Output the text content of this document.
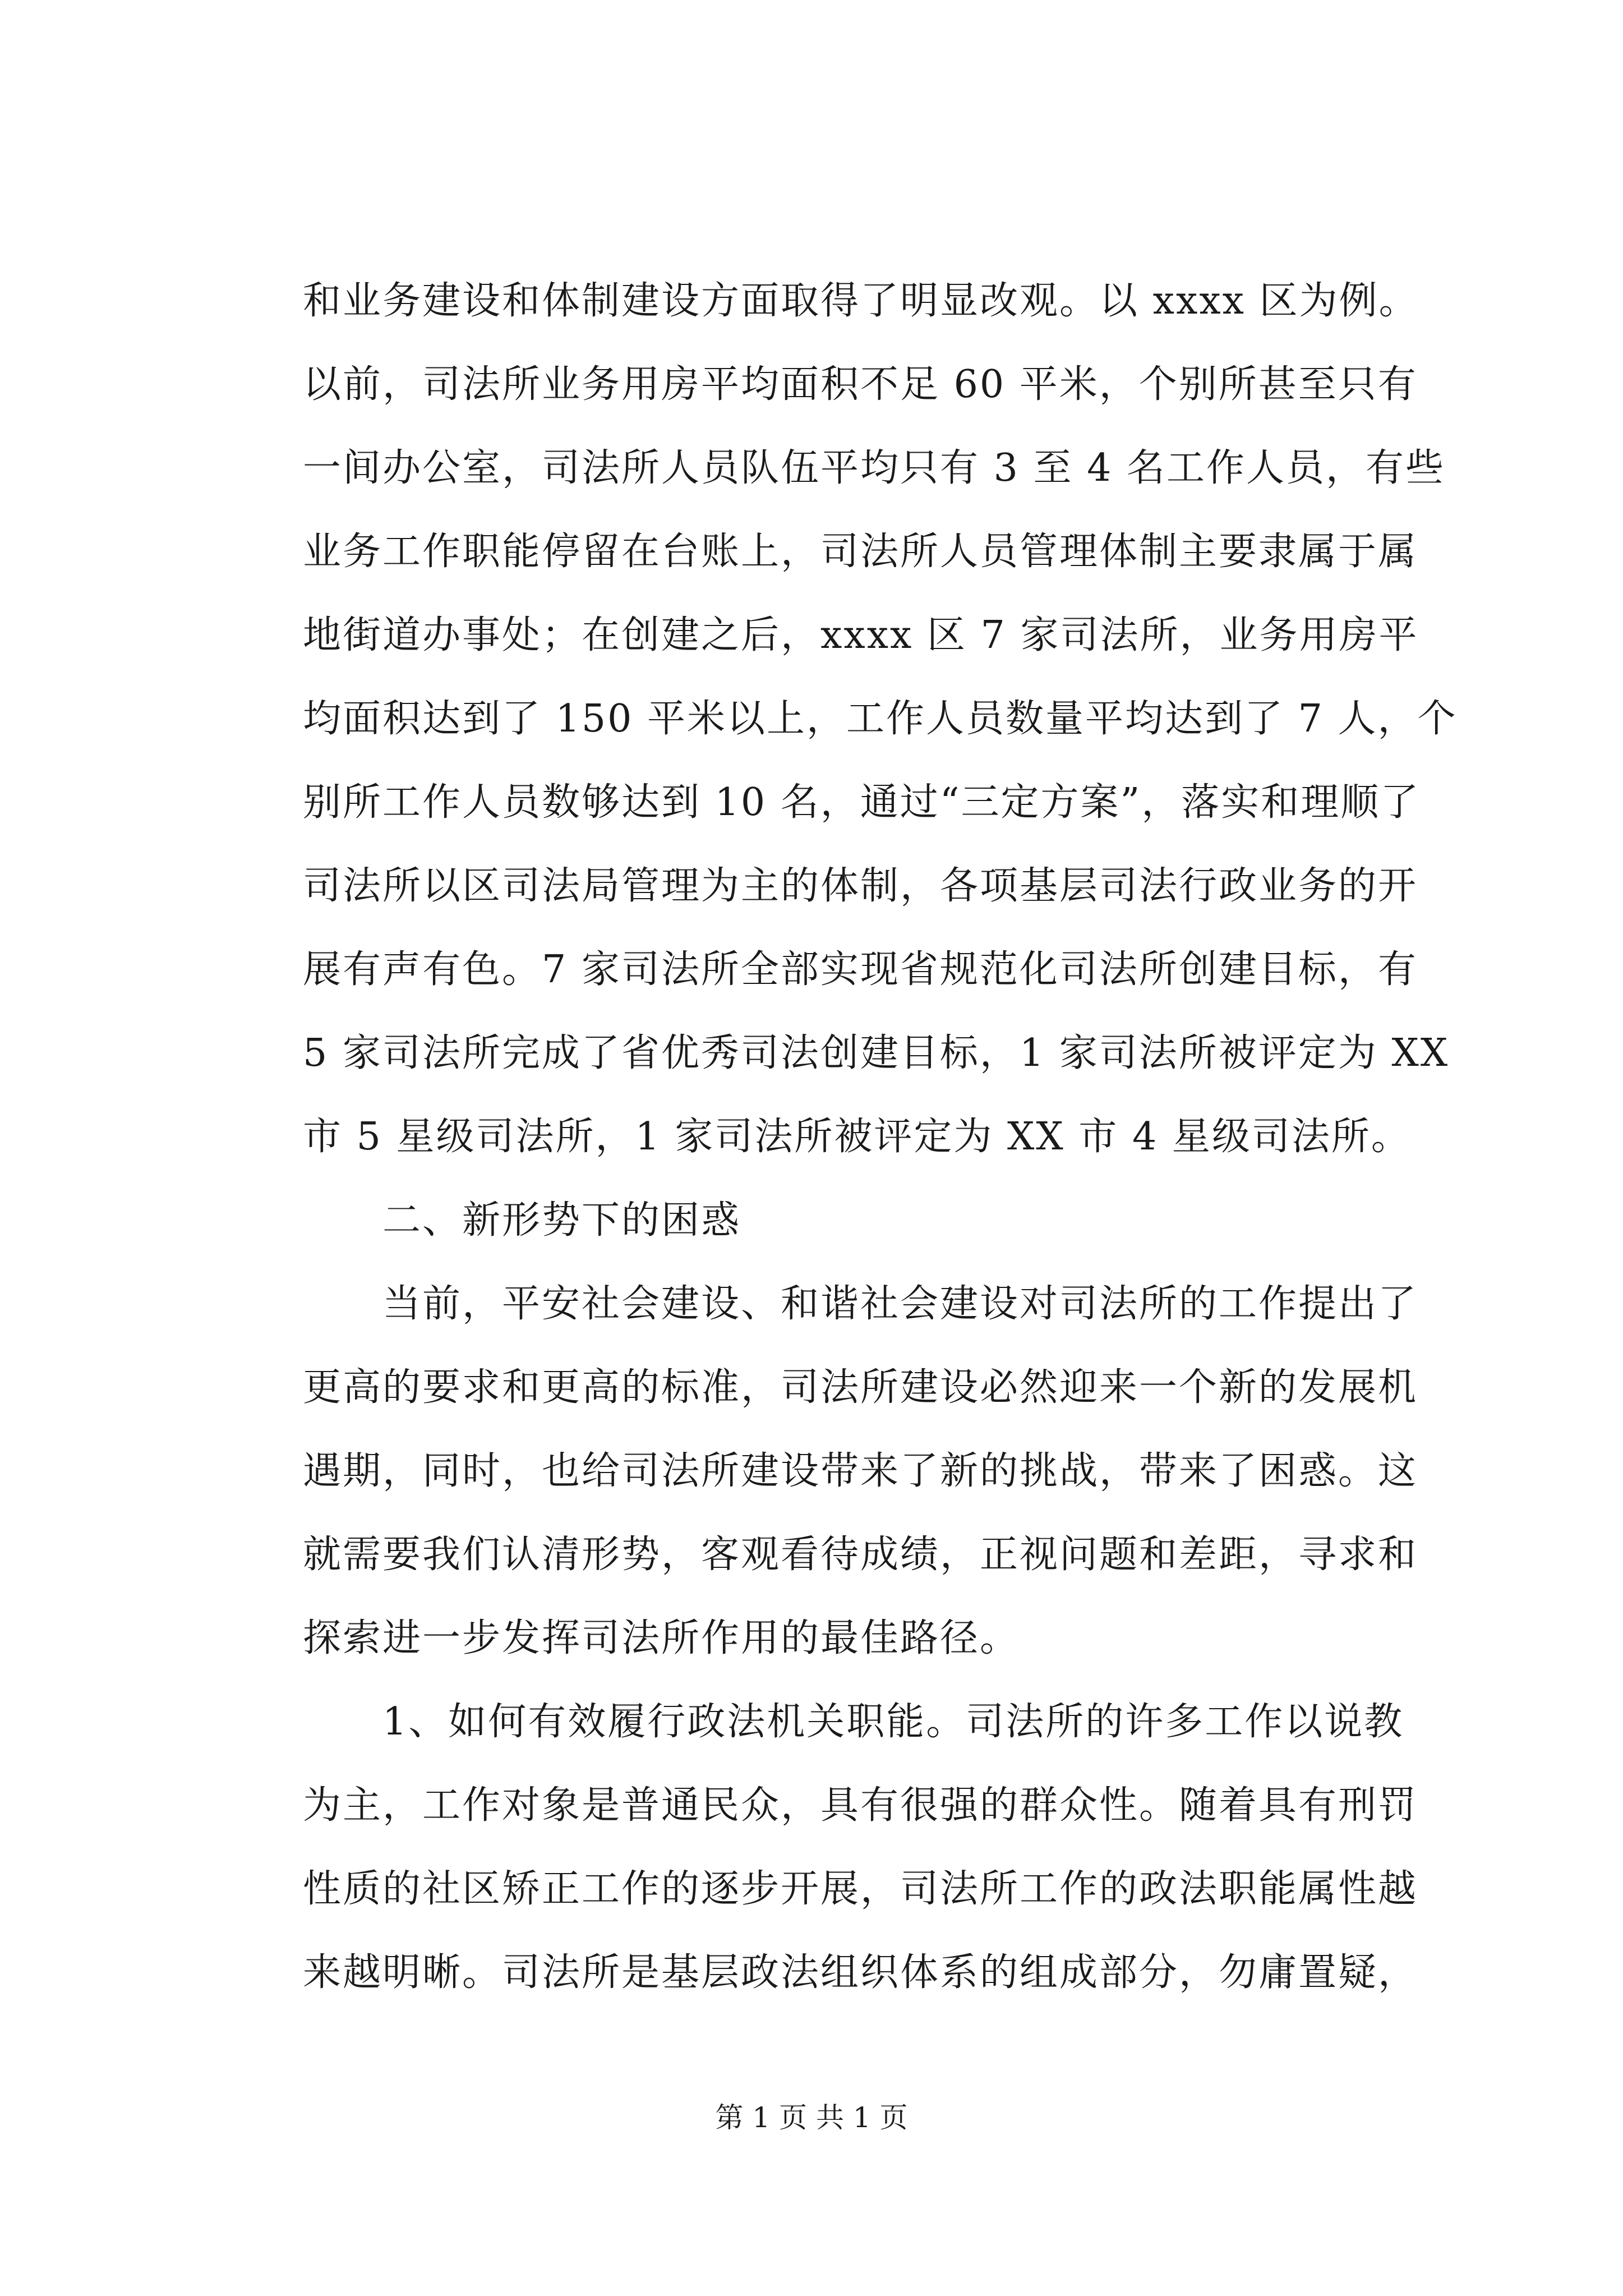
和业务建设和体制建设方面取得了明显改观。以 xxxx 区为例。
以前，司法所业务用房平均面积不足 60 平米，个别所甚至只有
一间办公室，司法所人员队伍平均只有 3 至 4 名工作人员，有些
业务工作职能停留在台账上，司法所人员管理体制主要隶属于属
地街道办事处；在创建之后，xxxx 区 7 家司法所，业务用房平
均面积达到了 150 平米以上，工作人员数量平均达到了 7 人，个
别所工作人员数够达到 10 名，通过“三定方案”，落实和理顺了
司法所以区司法局管理为主的体制，各项基层司法行政业务的开
展有声有色。7 家司法所全部实现省规范化司法所创建目标，有
5 家司法所完成了省优秀司法创建目标，1 家司法所被评定为 XX
市 5 星级司法所，1 家司法所被评定为 XX 市 4 星级司法所。
二、新形势下的困惑
当前，平安社会建设、和谐社会建设对司法所的工作提出了
更高的要求和更高的标准，司法所建设必然迎来一个新的发展机
遇期，同时，也给司法所建设带来了新的挑战，带来了困惑。这
就需要我们认清形势，客观看待成绩，正视问题和差距，寻求和
探索进一步发挥司法所作用的最佳路径。
1、如何有效履行政法机关职能。司法所的许多工作以说教
为主，工作对象是普通民众，具有很强的群众性。随着具有刑罚
性质的社区矫正工作的逐步开展，司法所工作的政法职能属性越
来越明晰。司法所是基层政法组织体系的组成部分，勿庸置疑，
第 1 页 共 1 页
